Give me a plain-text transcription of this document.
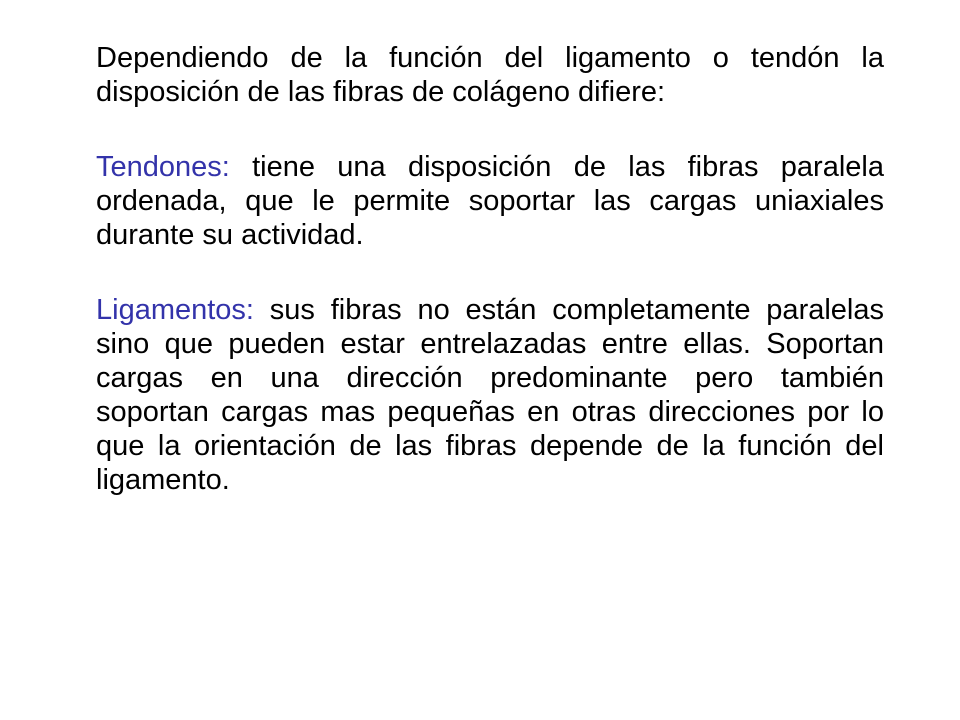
Dependiendo de la función del ligamento o tendón la disposición de las fibras de colágeno difiere:

Tendones: tiene una disposición de las fibras paralela ordenada, que le permite soportar las cargas uniaxiales durante su actividad.

Ligamentos: sus fibras no están completamente paralelas sino que pueden estar entrelazadas entre ellas. Soportan cargas en una dirección predominante pero también soportan cargas mas pequeñas en otras direcciones por lo que la orientación de las fibras depende de la función del ligamento.
